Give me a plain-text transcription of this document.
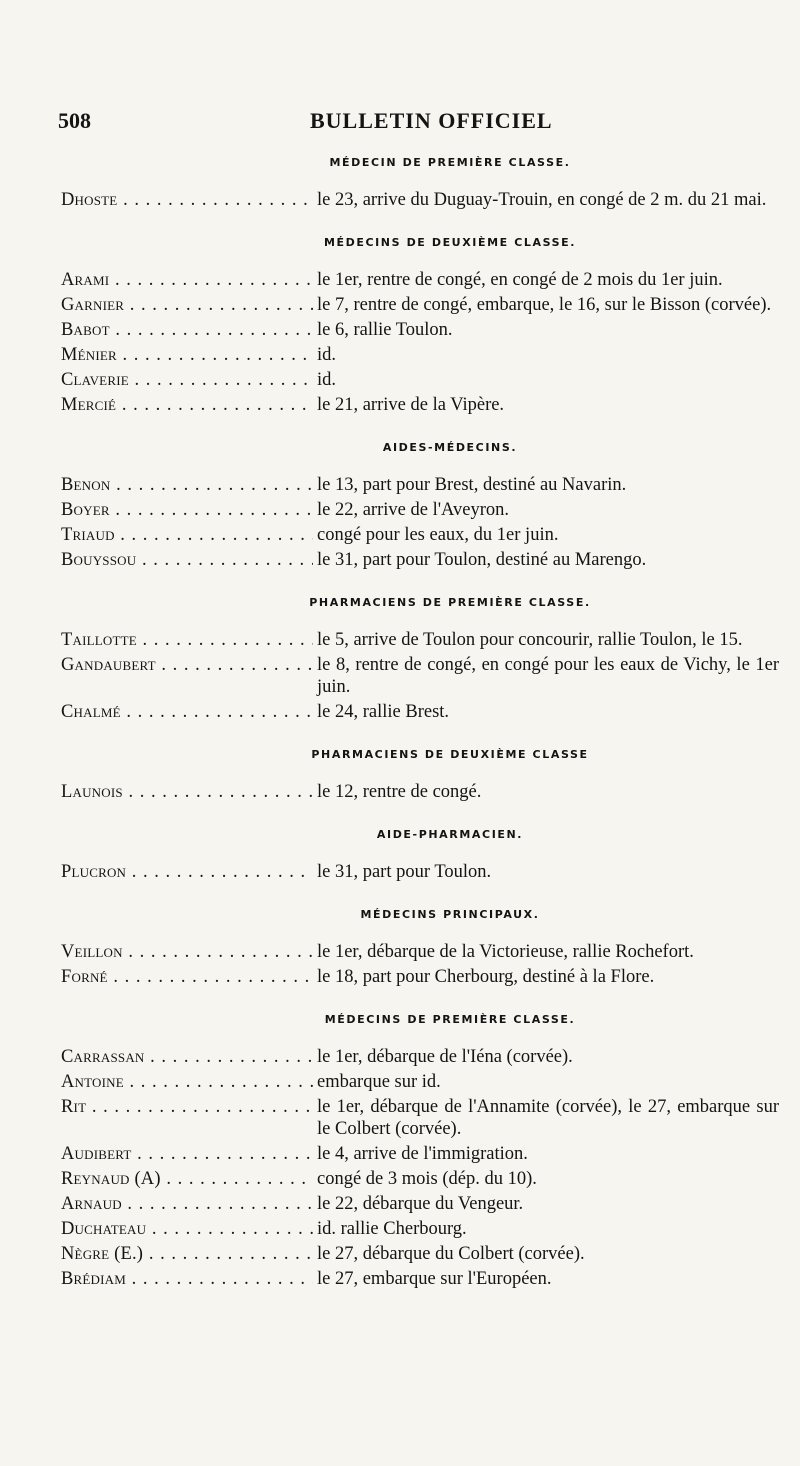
508	BULLETIN OFFICIEL
MÉDECIN DE PREMIÈRE CLASSE.
Dhoste . . .	le 23, arrive du Duguay-Trouin, en congé de 2 m. du 21 mai.
MÉDECINS DE DEUXIÈME CLASSE.
Arami . . .	le 1er, rentre de congé, en congé de 2 mois du 1er juin.
Garnier . . .	le 7, rentre de congé, embarque, le 16, sur le Bisson (corvée).
Babot . . .	le 6, rallie Toulon.
Ménier . . .	id.
Claverie . . .	id.
Mercié . . .	le 21, arrive de la Vipère.
AIDES-MÉDECINS.
Benon . . .	le 13, part pour Brest, destiné au Navarin.
Boyer . . .	le 22, arrive de l'Aveyron.
Triaud . . .	congé pour les eaux, du 1er juin.
Bouyssou . . .	le 31, part pour Toulon, destiné au Marengo.
PHARMACIENS DE PREMIÈRE CLASSE.
Taillotte . . .	le 5, arrive de Toulon pour concourir, rallie Toulon, le 15.
Gandaubert . . .	le 8, rentre de congé, en congé pour les eaux de Vichy, le 1er juin.
Chalmé . . .	le 24, rallie Brest.
PHARMACIENS DE DEUXIÈME CLASSE
Launois . . .	le 12, rentre de congé.
AIDE-PHARMACIEN.
Plucron . . .	le 31, part pour Toulon.
MÉDECINS PRINCIPAUX.
Veillon . . .	le 1er, débarque de la Victorieuse, rallie Rochefort.
Forné . . .	le 18, part pour Cherbourg, destiné à la Flore.
MÉDECINS DE PREMIÈRE CLASSE.
Carrassan . . .	le 1er, débarque de l'Iéna (corvée).
Antoine . . .	embarque sur id.
Rit . . .	le 1er, débarque de l'Annamite (corvée), le 27, embarque sur le Colbert (corvée).
Audibert . . .	le 4, arrive de l'immigration.
Reynaud (A) . . .	congé de 3 mois (dép. du 10).
Arnaud . . .	le 22, débarque du Vengeur.
Duchateau . . .	id. rallie Cherbourg.
Nègre (E.) . . .	le 27, débarque du Colbert (corvée).
Brédiam . . .	le 27, embarque sur l'Européen.
